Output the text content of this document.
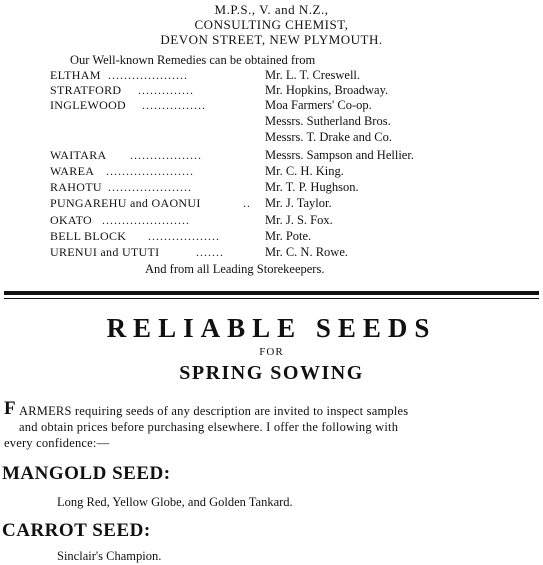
M.P.S., V. and N.Z.,
CONSULTING CHEMIST,
DEVON STREET, NEW PLYMOUTH.
Our Well-known Remedies can be obtained from
ELTHAM ....................	Mr. L. T. Creswell.
STRATFORD ..............	Mr. Hopkins, Broadway.
INGLEWOOD ................	Moa Farmers' Co-op.
Messrs. Sutherland Bros.
Messrs. T. Drake and Co.
WAITARA ..................	Messrs. Sampson and Hellier.
WAREA ......................	Mr. C. H. King.
RAHOTU .....................	Mr. T. P. Hughson.
PUNGAREHU and OAONUI	.. Mr. J. Taylor.
OKATO ......................	Mr. J. S. Fox.
BELL BLOCK ..................	Mr. Pote.
URENUI and UTUTI	.......	Mr. C. N. Rowe.
And from all Leading Storekeepers.
RELIABLE SEEDS
FOR
SPRING SOWING
F ARMERS requiring seeds of any description are invited to inspect samples
and obtain prices before purchasing elsewhere. I offer the following with
every confidence:—
MANGOLD SEED:
Long Red, Yellow Globe, and Golden Tankard.
CARROT SEED:
Sinclair's Champion.
